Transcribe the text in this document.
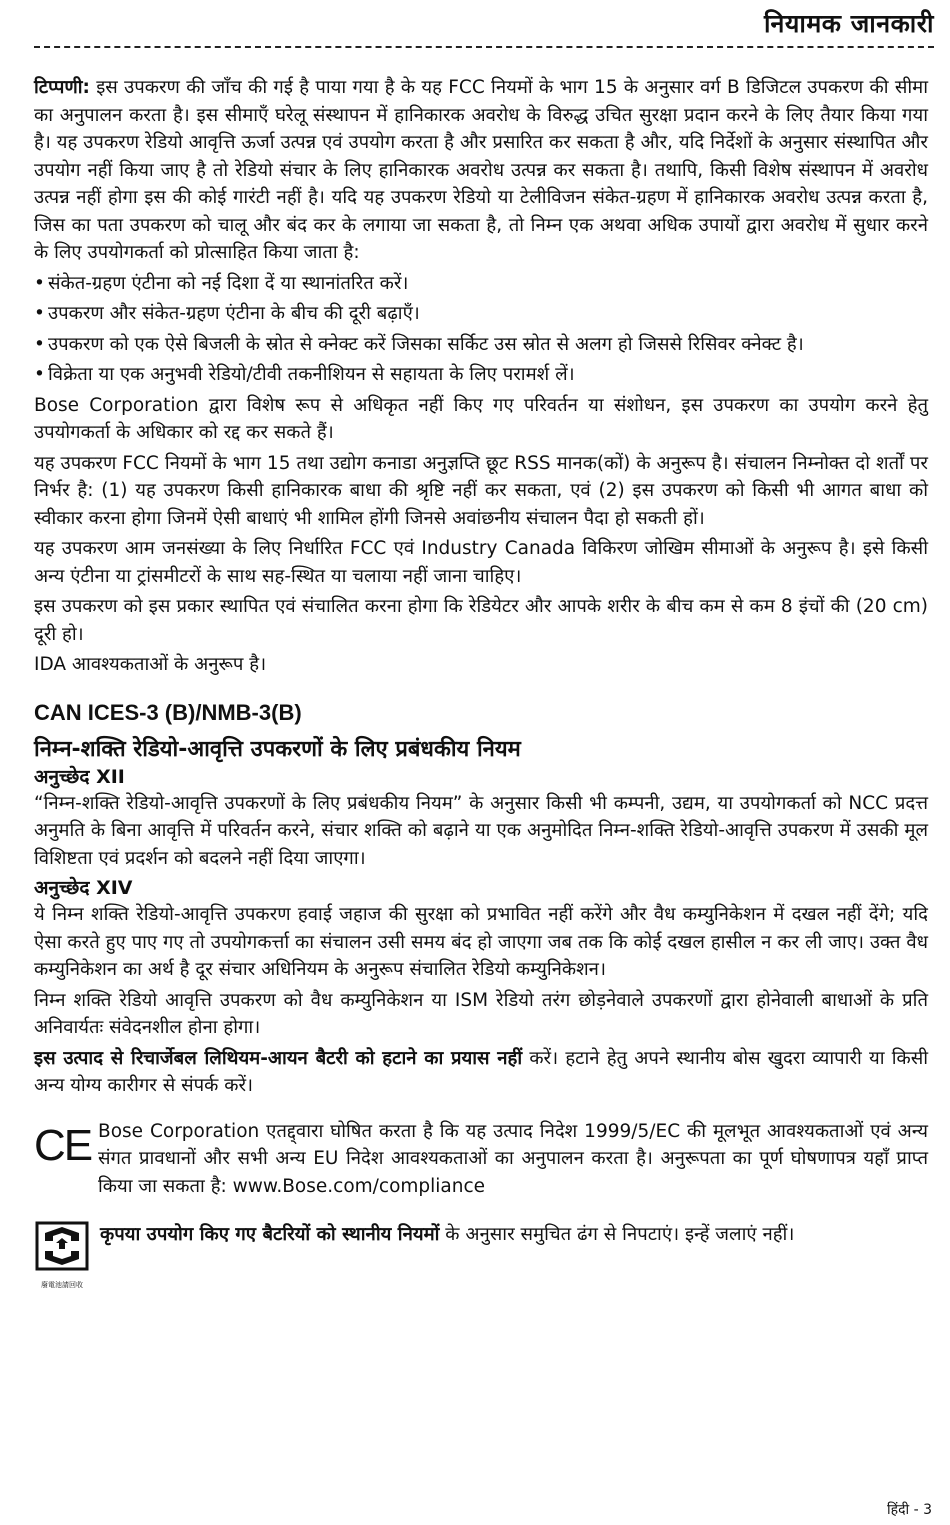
नियामक जानकारी

टिप्पणी: इस उपकरण की जाँच की गई है पाया गया है के यह FCC नियमों के भाग 15 के अनुसार वर्ग B डिजिटल उपकरण की सीमा का अनुपालन करता है। इस सीमाएँ घरेलू संस्थापन में हानिकारक अवरोध के विरुद्ध उचित सुरक्षा प्रदान करने के लिए तैयार किया गया है। यह उपकरण रेडियो आवृत्ति ऊर्जा उत्पन्न एवं उपयोग करता है और प्रसारित कर सकता है और, यदि निर्देशों के अनुसार संस्थापित और उपयोग नहीं किया जाए है तो रेडियो संचार के लिए हानिकारक अवरोध उत्पन्न कर सकता है। तथापि, किसी विशेष संस्थापन में अवरोध उत्पन्न नहीं होगा इस की कोई गारंटी नहीं है। यदि यह उपकरण रेडियो या टेलीविजन संकेत-ग्रहण में हानिकारक अवरोध उत्पन्न करता है, जिस का पता उपकरण को चालू और बंद कर के लगाया जा सकता है, तो निम्न एक अथवा अधिक उपायों द्वारा अवरोध में सुधार करने के लिए उपयोगकर्ता को प्रोत्साहित किया जाता है:

• संकेत-ग्रहण एंटीना को नई दिशा दें या स्थानांतरित करें।
• उपकरण और संकेत-ग्रहण एंटीना के बीच की दूरी बढ़ाएँ।
• उपकरण को एक ऐसे बिजली के स्रोत से क्नेक्ट करें जिसका सर्किट उस स्रोत से अलग हो जिससे रिसिवर क्नेक्ट है।
• विक्रेता या एक अनुभवी रेडियो/टीवी तकनीशियन से सहायता के लिए परामर्श लें।

Bose Corporation द्वारा विशेष रूप से अधिकृत नहीं किए गए परिवर्तन या संशोधन, इस उपकरण का उपयोग करने हेतु उपयोगकर्ता के अधिकार को रद्द कर सकते हैं।

यह उपकरण FCC नियमों के भाग 15 तथा उद्योग कनाडा अनुज्ञप्ति छूट RSS मानक(कों) के अनुरूप है। संचालन निम्नोक्त दो शर्तों पर निर्भर है: (1) यह उपकरण किसी हानिकारक बाधा की श्रृष्टि नहीं कर सकता, एवं (2) इस उपकरण को किसी भी आगत बाधा को स्वीकार करना होगा जिनमें ऐसी बाधाएं भी शामिल होंगी जिनसे अवांछनीय संचालन पैदा हो सकती हों।

यह उपकरण आम जनसंख्या के लिए निर्धारित FCC एवं Industry Canada विकिरण जोखिम सीमाओं के अनुरूप है। इसे किसी अन्य एंटीना या ट्रांसमीटरों के साथ सह-स्थित या चलाया नहीं जाना चाहिए।

इस उपकरण को इस प्रकार स्थापित एवं संचालित करना होगा कि रेडियेटर और आपके शरीर के बीच कम से कम 8 इंचों की (20 cm) दूरी हो।

IDA आवश्यकताओं के अनुरूप है।

CAN ICES-3 (B)/NMB-3(B)
निम्न-शक्ति रेडियो-आवृत्ति उपकरणों के लिए प्रबंधकीय नियम
अनुच्छेद XII

“निम्न-शक्ति रेडियो-आवृत्ति उपकरणों के लिए प्रबंधकीय नियम” के अनुसार किसी भी कम्पनी, उद्यम, या उपयोगकर्ता को NCC प्रदत्त अनुमति के बिना आवृत्ति में परिवर्तन करने, संचार शक्ति को बढ़ाने या एक अनुमोदित निम्न-शक्ति रेडियो-आवृत्ति उपकरण में उसकी मूल विशिष्टता एवं प्रदर्शन को बदलने नहीं दिया जाएगा।

अनुच्छेद XIV

ये निम्न शक्ति रेडियो-आवृत्ति उपकरण हवाई जहाज की सुरक्षा को प्रभावित नहीं करेंगे और वैध कम्युनिकेशन में दखल नहीं देंगे; यदि ऐसा करते हुए पाए गए तो उपयोगकर्त्ता का संचालन उसी समय बंद हो जाएगा जब तक कि कोई दखल हासील न कर ली जाए। उक्त वैध कम्युनिकेशन का अर्थ है दूर संचार अधिनियम के अनुरूप संचालित रेडियो कम्युनिकेशन।

निम्न शक्ति रेडियो आवृत्ति उपकरण को वैध कम्युनिकेशन या ISM रेडियो तरंग छोड़नेवाले उपकरणों द्वारा होनेवाली बाधाओं के प्रति अनिवार्यतः संवेदनशील होना होगा।

इस उत्पाद से रिचार्जेबल लिथियम-आयन बैटरी को हटाने का प्रयास नहीं करें। हटाने हेतु अपने स्थानीय बोस खुदरा व्यापारी या किसी अन्य योग्य कारीगर से संपर्क करें।

CE Bose Corporation एतद्द्वारा घोषित करता है कि यह उत्पाद निदेश 1999/5/EC की मूलभूत आवश्यकताओं एवं अन्य संगत प्रावधानों और सभी अन्य EU निदेश आवश्यकताओं का अनुपालन करता है। अनुरूपता का पूर्ण घोषणापत्र यहाँ प्राप्त किया जा सकता है: www.Bose.com/compliance

廢電池請回收

कृपया उपयोग किए गए बैटरियों को स्थानीय नियमों के अनुसार समुचित ढंग से निपटाएं। इन्हें जलाएं नहीं।

हिंदी - 3
